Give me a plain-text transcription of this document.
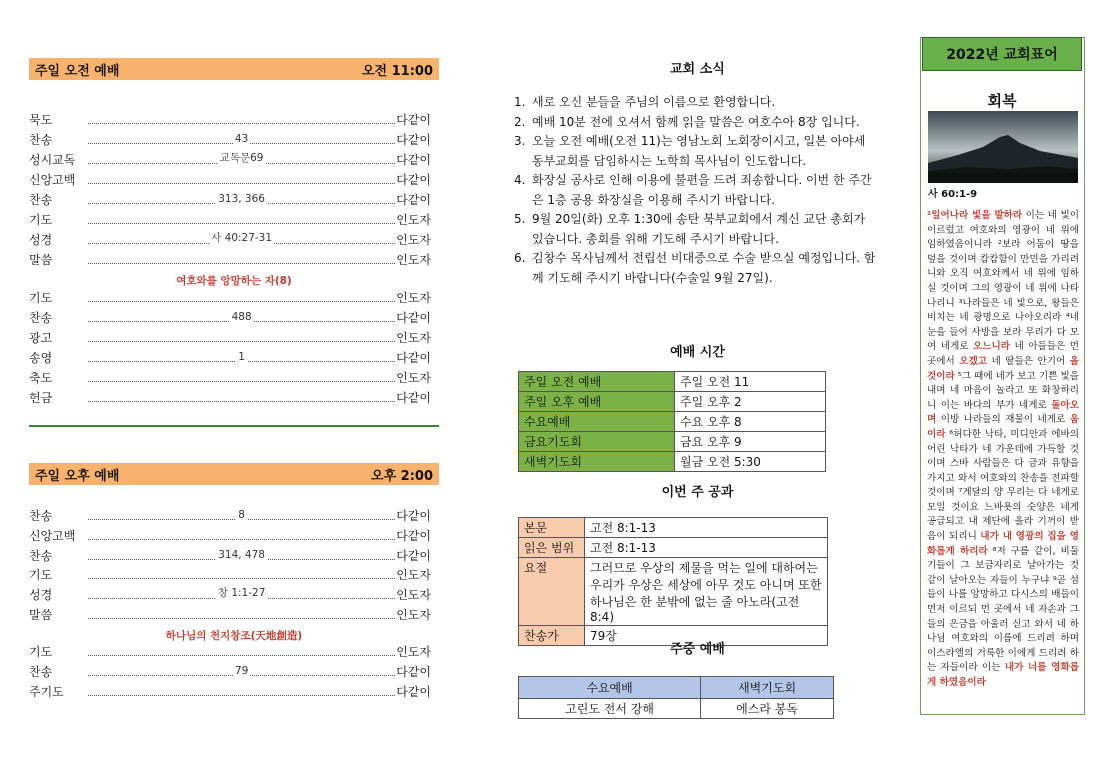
주일 오전 예배	오전 11:00
묵도	다같이
찬송	43	다같이
성시교독	교독문69	다같이
신앙고백	다같이
찬송	313, 366	다같이
기도	인도자
성경	사 40:27-31	인도자
말씀	인도자
여호와를 앙망하는 자(8)
기도	인도자
찬송	488	다같이
광고	인도자
송영	1	다같이
축도	인도자
헌금	다같이
주일 오후 예배	오후 2:00
찬송	8	다같이
신앙고백	다같이
찬송	314, 478	다같이
기도	인도자
성경	창 1:1-27	인도자
말씀	인도자
하나님의 천지창조(天地創造)
기도	인도자
찬송	79	다같이
주기도	다같이
교회 소식
1. 새로 오신 분들을 주님의 이름으로 환영합니다.
2. 예배 10분 전에 오셔서 함께 읽을 말씀은 여호수아 8장 입니다.
3. 오늘 오전 예배(오전 11)는 영남노회 노회장이시고, 일본 아야세 동부교회를 담임하시는 노학희 목사님이 인도합니다.
4. 화장실 공사로 인해 이용에 불편을 드려 죄송합니다. 이번 한 주간은 1층 공용 화장실을 이용해 주시기 바랍니다.
5. 9월 20일(화) 오후 1:30에 송탄 북부교회에서 계신 교단 총회가 있습니다. 총회를 위해 기도해 주시기 바랍니다.
6. 김창수 목사님께서 전립선 비대증으로 수술 받으실 예정입니다. 함께 기도해 주시기 바랍니다(수술일 9월 27일).
예배 시간
주일 오전 예배	주일 오전 11
주일 오후 예배	주일 오후 2
수요예배	수요 오후 8
금요기도회	금요 오후 9
새벽기도회	월금 오전 5:30
이번 주 공과
본문	고전 8:1-13
읽은 범위	고전 8:1-13
요절	그러므로 우상의 제물을 먹는 일에 대하여는 우리가 우상은 세상에 아무 것도 아니며 또한 하나님은 한 분밖에 없는 줄 아노라(고전 8:4)
찬송가	79장
주중 예배
수요예배	새벽기도회
고린도 전서 강해	에스라 봉독
2022년 교회표어
회복
사 60:1-9
¹일어나라 빛을 발하라 이는 네 빛이 이르렀고 여호와의 영광이 네 위에 임하였음이니라 ²보라 어둠이 땅을 덮을 것이며 캄캄함이 만민을 가리려니와 오직 여호와께서 네 위에 임하실 것이며 그의 영광이 네 위에 나타나리니 ³나라들은 네 빛으로, 왕들은 비치는 네 광명으로 나아오리라 ⁴네 눈을 들어 사방을 보라 무리가 다 모여 네게로 오느니라 네 아들들은 먼 곳에서 오겠고 네 딸들은 안기어 올 것이라 ⁵그 때에 네가 보고 기쁜 빛을 내며 네 마음이 놀라고 또 화창하리니 이는 바다의 부가 네게로 돌아오며 이방 나라들의 재물이 네게로 옴이라 ⁶허다한 낙타, 미디안과 에바의 어린 낙타가 네 가운데에 가득할 것이며 스바 사람들은 다 금과 유향을 가지고 와서 여호와의 찬송을 전파할 것이며 ⁷게달의 양 무리는 다 네게로 모일 것이요 느바욧의 숫양은 네게 공급되고 내 제단에 올라 기꺼이 받음이 되리니 내가 내 영광의 집을 영화롭게 하리라 ⁸저 구름 같이, 비둘기들이 그 보금자리로 날아가는 것 같이 날아오는 자들이 누구냐 ⁹곧 섬들이 나를 앙망하고 다시스의 배들이 먼저 이르되 먼 곳에서 네 자손과 그들의 은금을 아울러 싣고 와서 네 하나님 여호와의 이름에 드리려 하며 이스라엘의 거룩한 이에게 드리려 하는 자들이라 이는 내가 너를 영화롭게 하였음이라
